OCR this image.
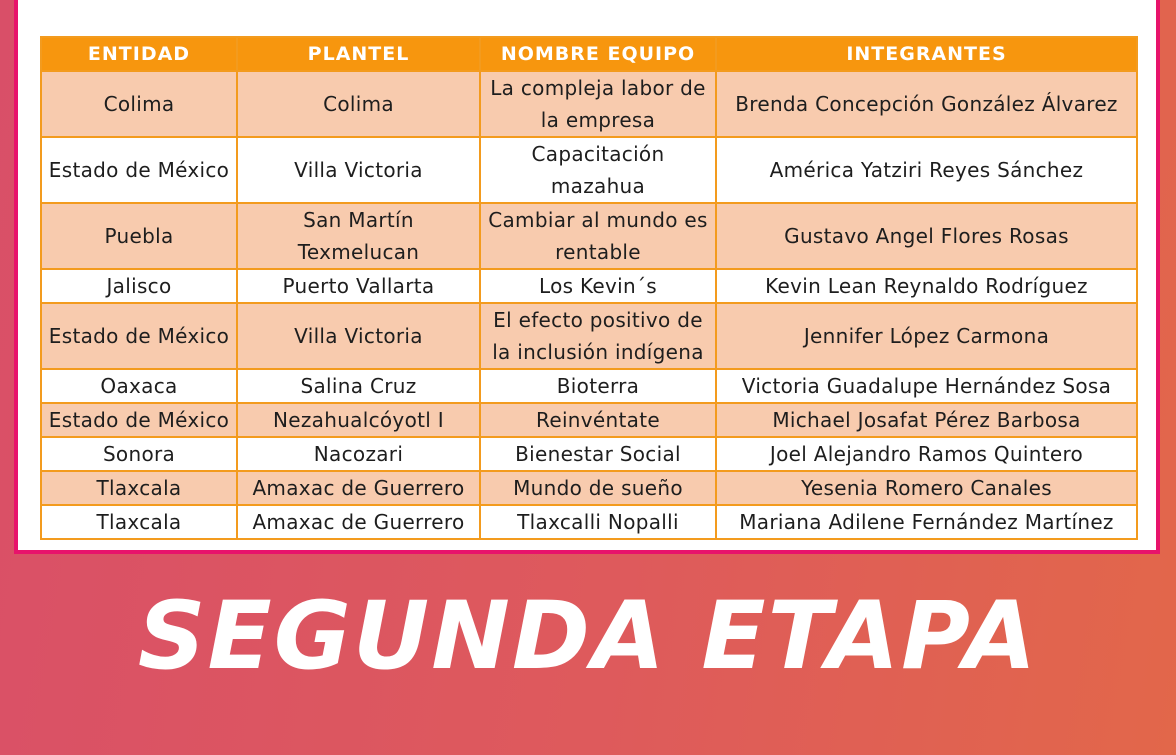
ENTIDAD	PLANTEL	NOMBRE EQUIPO	INTEGRANTES
Colima	Colima	La compleja labor de la empresa	Brenda Concepción González Álvarez
Estado de México	Villa Victoria	Capacitación mazahua	América Yatziri Reyes Sánchez
Puebla	San Martín Texmelucan	Cambiar al mundo es rentable	Gustavo Angel Flores Rosas
Jalisco	Puerto Vallarta	Los Kevin´s	Kevin Lean Reynaldo Rodríguez
Estado de México	Villa Victoria	El efecto positivo de la inclusión indígena	Jennifer López Carmona
Oaxaca	Salina Cruz	Bioterra	Victoria Guadalupe Hernández Sosa
Estado de México	Nezahualcóyotl I	Reinvéntate	Michael Josafat Pérez Barbosa
Sonora	Nacozari	Bienestar Social	Joel Alejandro Ramos Quintero
Tlaxcala	Amaxac de Guerrero	Mundo de sueño	Yesenia Romero Canales
Tlaxcala	Amaxac de Guerrero	Tlaxcalli Nopalli	Mariana Adilene Fernández Martínez
SEGUNDA ETAPA
